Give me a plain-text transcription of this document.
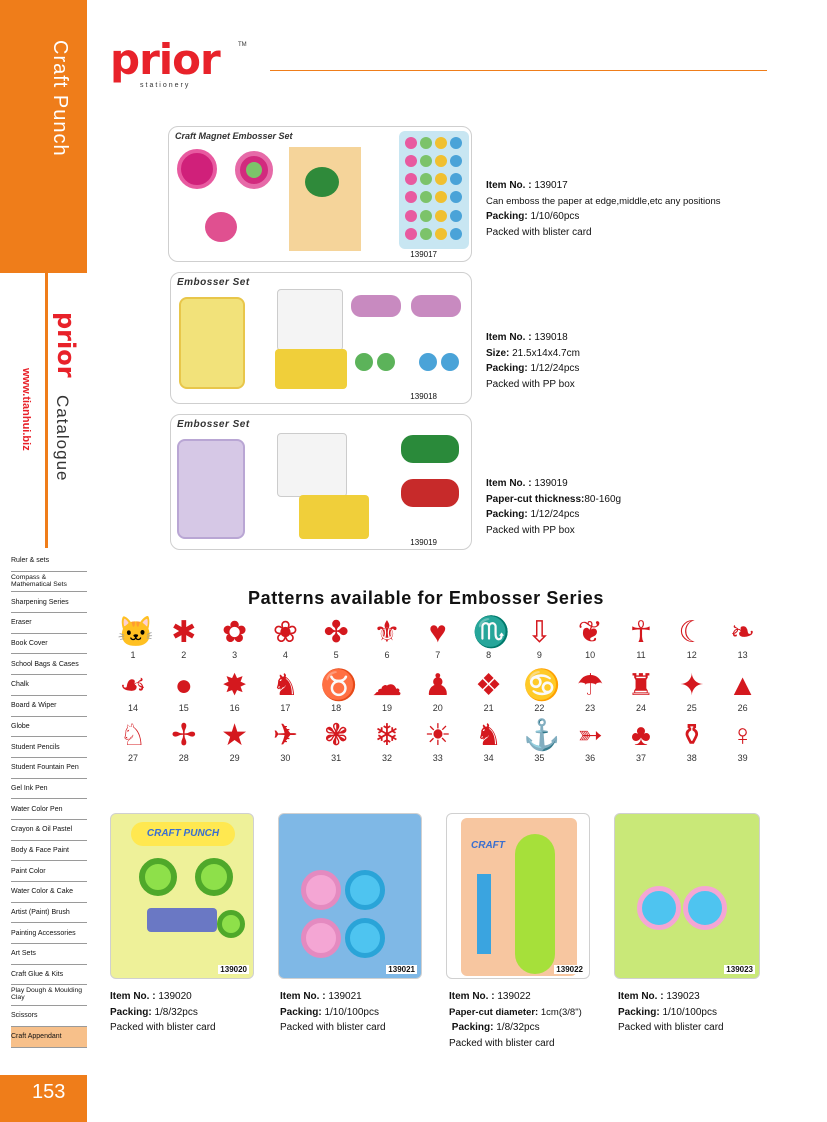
Craft Punch
prior
www.tianhui.biz Catalogue
Ruler & sets
Compass & Mathematical Sets
Sharpening Series
Eraser
Book Cover
School Bags & Cases
Chalk
Board & Wiper
Globe
Student Pencils
Student Fountain Pen
Gel Ink Pen
Water Color Pen
Crayon & Oil Pastel
Body & Face Paint
Paint Color
Water Color & Cake
Artist (Paint) Brush
Painting Accessories
Art Sets
Craft Glue & Kits
Play Dough & Moulding Clay
Scissors
Craft Appendant
153
prior
stationery
TM
Craft Magnet Embosser Set
139017
Item No. : 139017
Can emboss the paper at edge,middle,etc any positions
Packing: 1/10/60pcs
Packed with blister card
Embosser Set
139018
Item No. : 139018
Size: 21.5x14x4.7cm
Packing: 1/12/24pcs
Packed with PP box
Embosser Set
139019
Item No. : 139019
Paper-cut thickness:80-160g
Packing: 1/12/24pcs
Packed with PP box
Patterns available for Embosser Series
🐱
1
✱
2
✿
3
❀
4
✤
5
⚜
6
♥
7
♏
8
⇩
9
❦
10
☥
11
☾
12
❧
13
☙
14
●
15
✸
16
♞
17
♉
18
☁
19
♟
20
❖
21
♋
22
☂
23
♜
24
✦
25
▲
26
♘
27
✢
28
★
29
✈
30
❃
31
❄
32
☀
33
♞
34
⚓
35
➳
36
♣
37
⚱
38
♀
39
CRAFT PUNCH
139020	139021
CRAFT
139022	139023
Item No. : 139020
Packing: 1/8/32pcs
Packed with blister card
Item No. : 139021
Packing: 1/10/100pcs
Packed with blister card
Item No. : 139022
Paper-cut diameter: 1cm(3/8")
Packing: 1/8/32pcs
Packed with blister card
Item No. : 139023
Packing: 1/10/100pcs
Packed with blister card
